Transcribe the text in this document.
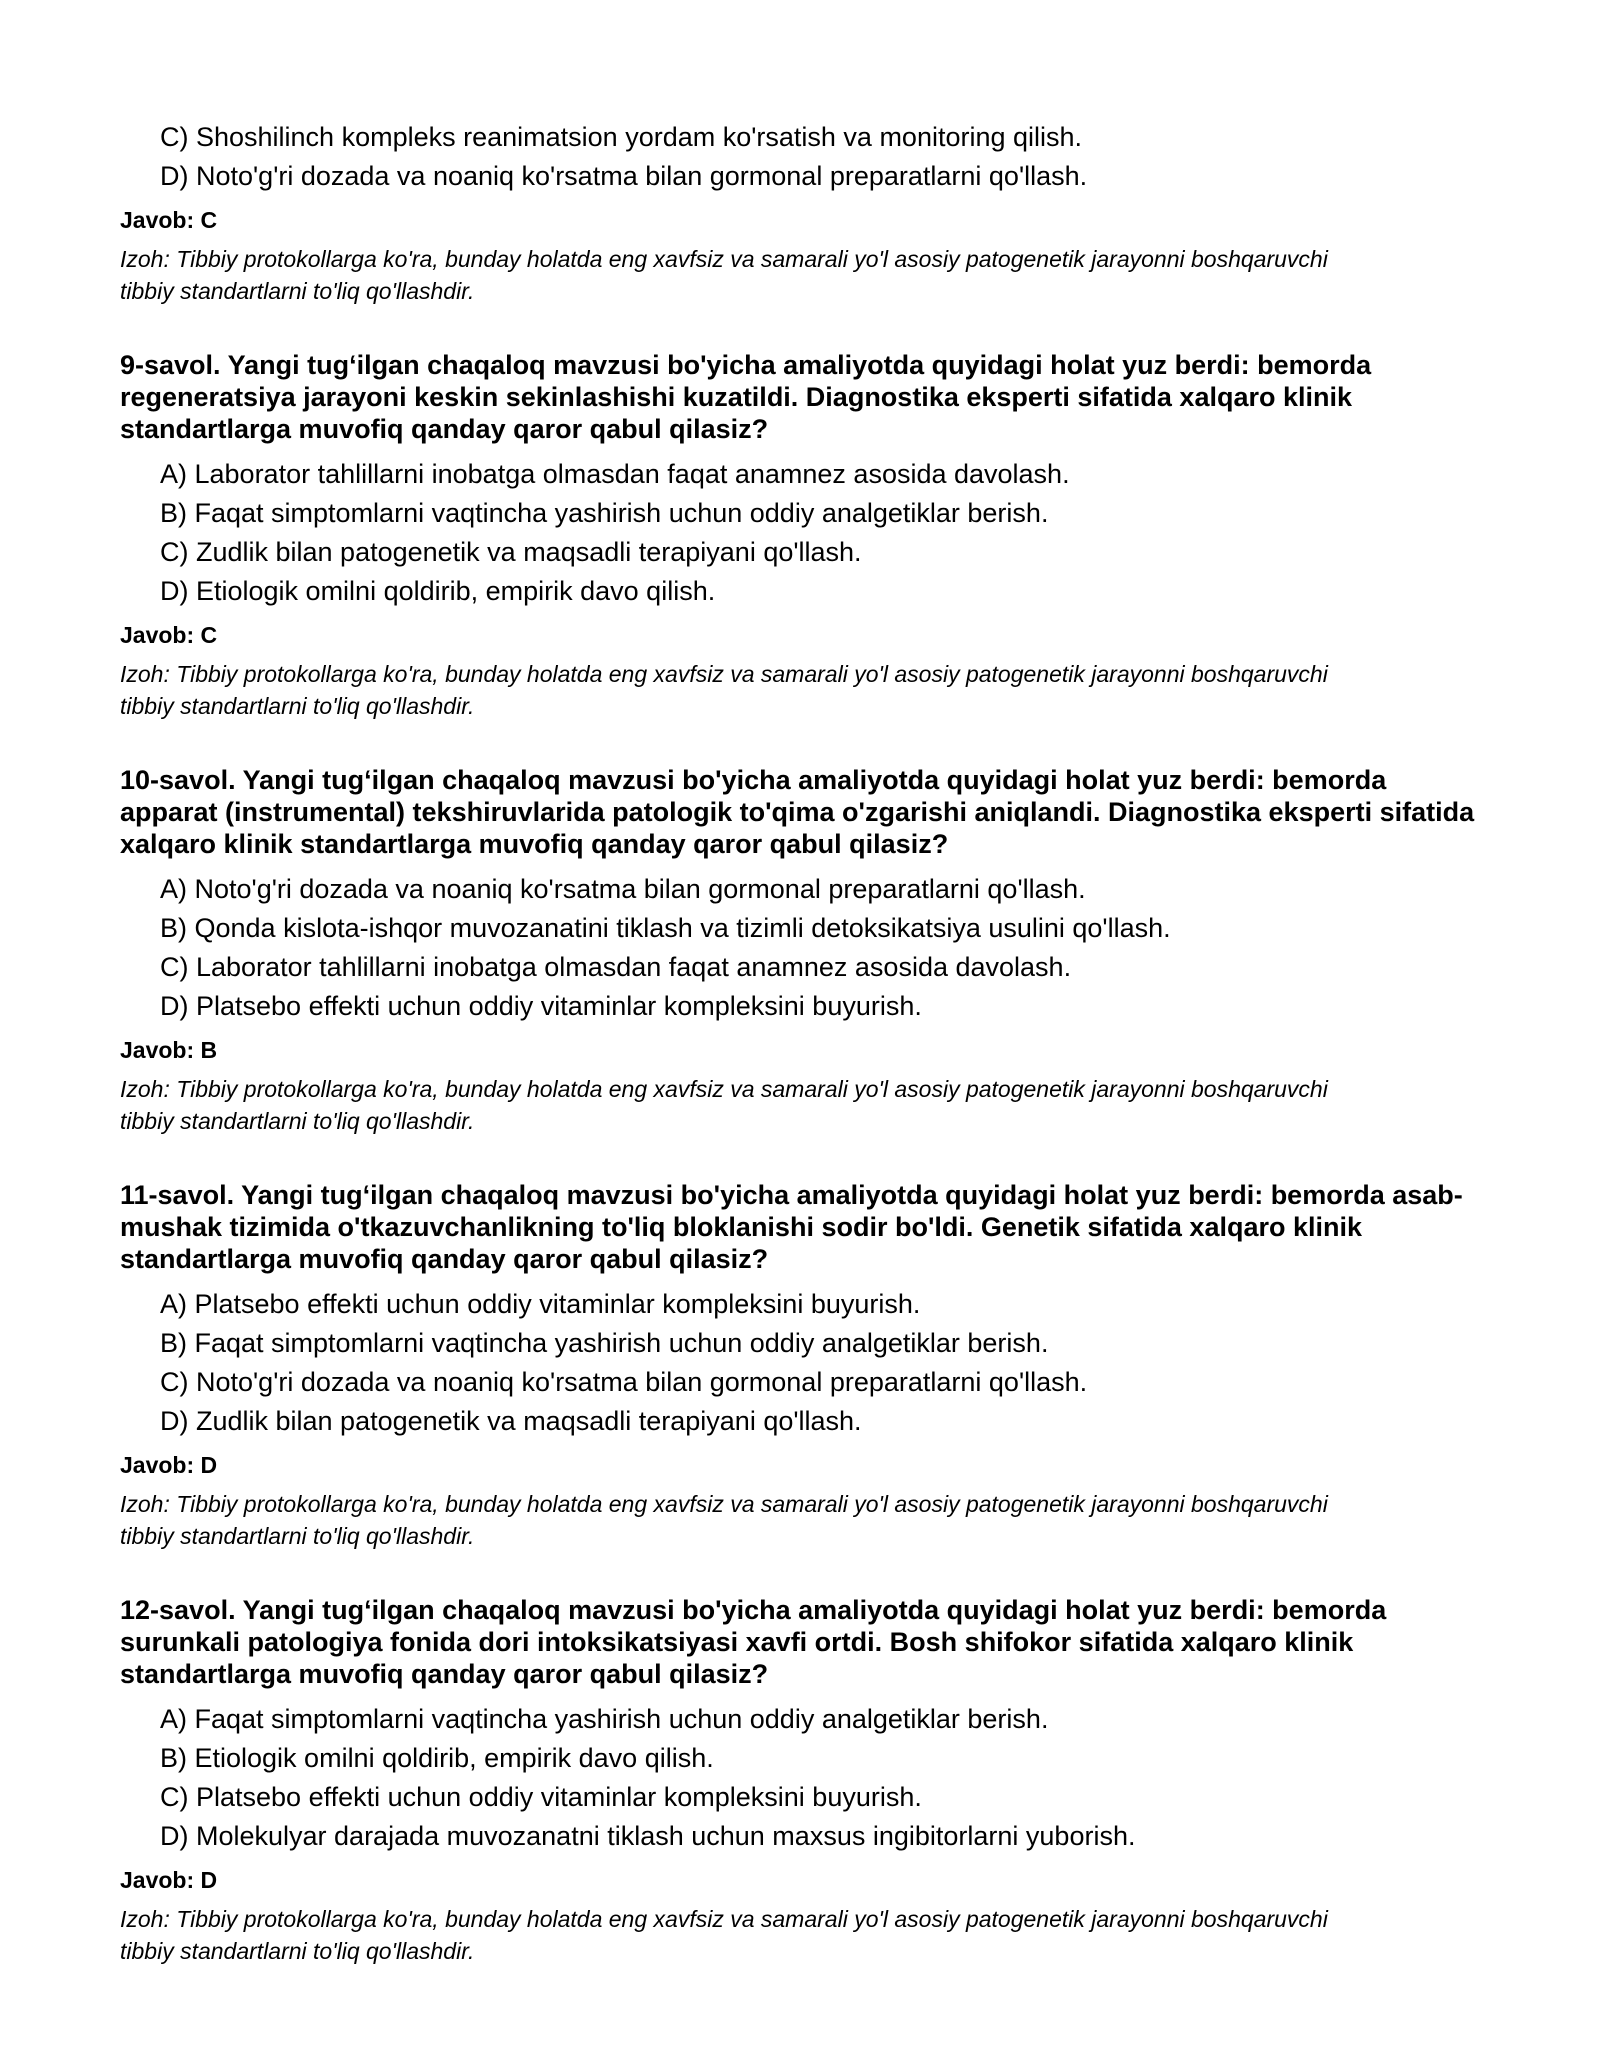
C) Shoshilinch kompleks reanimatsion yordam ko'rsatish va monitoring qilish.
D) Noto'g'ri dozada va noaniq ko'rsatma bilan gormonal preparatlarni qo'llash.
Javob: C
Izoh: Tibbiy protokollarga ko'ra, bunday holatda eng xavfsiz va samarali yo'l asosiy patogenetik jarayonni boshqaruvchi tibbiy standartlarni to'liq qo'llashdir.
9-savol. Yangi tug‘ilgan chaqaloq mavzusi bo'yicha amaliyotda quyidagi holat yuz berdi: bemorda regeneratsiya jarayoni keskin sekinlashishi kuzatildi. Diagnostika eksperti sifatida xalqaro klinik standartlarga muvofiq qanday qaror qabul qilasiz?
A) Laborator tahlillarni inobatga olmasdan faqat anamnez asosida davolash.
B) Faqat simptomlarni vaqtincha yashirish uchun oddiy analgetiklar berish.
C) Zudlik bilan patogenetik va maqsadli terapiyani qo'llash.
D) Etiologik omilni qoldirib, empirik davo qilish.
Javob: C
Izoh: Tibbiy protokollarga ko'ra, bunday holatda eng xavfsiz va samarali yo'l asosiy patogenetik jarayonni boshqaruvchi tibbiy standartlarni to'liq qo'llashdir.
10-savol. Yangi tug‘ilgan chaqaloq mavzusi bo'yicha amaliyotda quyidagi holat yuz berdi: bemorda apparat (instrumental) tekshiruvlarida patologik to'qima o'zgarishi aniqlandi. Diagnostika eksperti sifatida xalqaro klinik standartlarga muvofiq qanday qaror qabul qilasiz?
A) Noto'g'ri dozada va noaniq ko'rsatma bilan gormonal preparatlarni qo'llash.
B) Qonda kislota-ishqor muvozanatini tiklash va tizimli detoksikatsiya usulini qo'llash.
C) Laborator tahlillarni inobatga olmasdan faqat anamnez asosida davolash.
D) Platsebo effekti uchun oddiy vitaminlar kompleksini buyurish.
Javob: B
Izoh: Tibbiy protokollarga ko'ra, bunday holatda eng xavfsiz va samarali yo'l asosiy patogenetik jarayonni boshqaruvchi tibbiy standartlarni to'liq qo'llashdir.
11-savol. Yangi tug‘ilgan chaqaloq mavzusi bo'yicha amaliyotda quyidagi holat yuz berdi: bemorda asab-mushak tizimida o'tkazuvchanlikning to'liq bloklanishi sodir bo'ldi. Genetik sifatida xalqaro klinik standartlarga muvofiq qanday qaror qabul qilasiz?
A) Platsebo effekti uchun oddiy vitaminlar kompleksini buyurish.
B) Faqat simptomlarni vaqtincha yashirish uchun oddiy analgetiklar berish.
C) Noto'g'ri dozada va noaniq ko'rsatma bilan gormonal preparatlarni qo'llash.
D) Zudlik bilan patogenetik va maqsadli terapiyani qo'llash.
Javob: D
Izoh: Tibbiy protokollarga ko'ra, bunday holatda eng xavfsiz va samarali yo'l asosiy patogenetik jarayonni boshqaruvchi tibbiy standartlarni to'liq qo'llashdir.
12-savol. Yangi tug‘ilgan chaqaloq mavzusi bo'yicha amaliyotda quyidagi holat yuz berdi: bemorda surunkali patologiya fonida dori intoksikatsiyasi xavfi ortdi. Bosh shifokor sifatida xalqaro klinik standartlarga muvofiq qanday qaror qabul qilasiz?
A) Faqat simptomlarni vaqtincha yashirish uchun oddiy analgetiklar berish.
B) Etiologik omilni qoldirib, empirik davo qilish.
C) Platsebo effekti uchun oddiy vitaminlar kompleksini buyurish.
D) Molekulyar darajada muvozanatni tiklash uchun maxsus ingibitorlarni yuborish.
Javob: D
Izoh: Tibbiy protokollarga ko'ra, bunday holatda eng xavfsiz va samarali yo'l asosiy patogenetik jarayonni boshqaruvchi tibbiy standartlarni to'liq qo'llashdir.
